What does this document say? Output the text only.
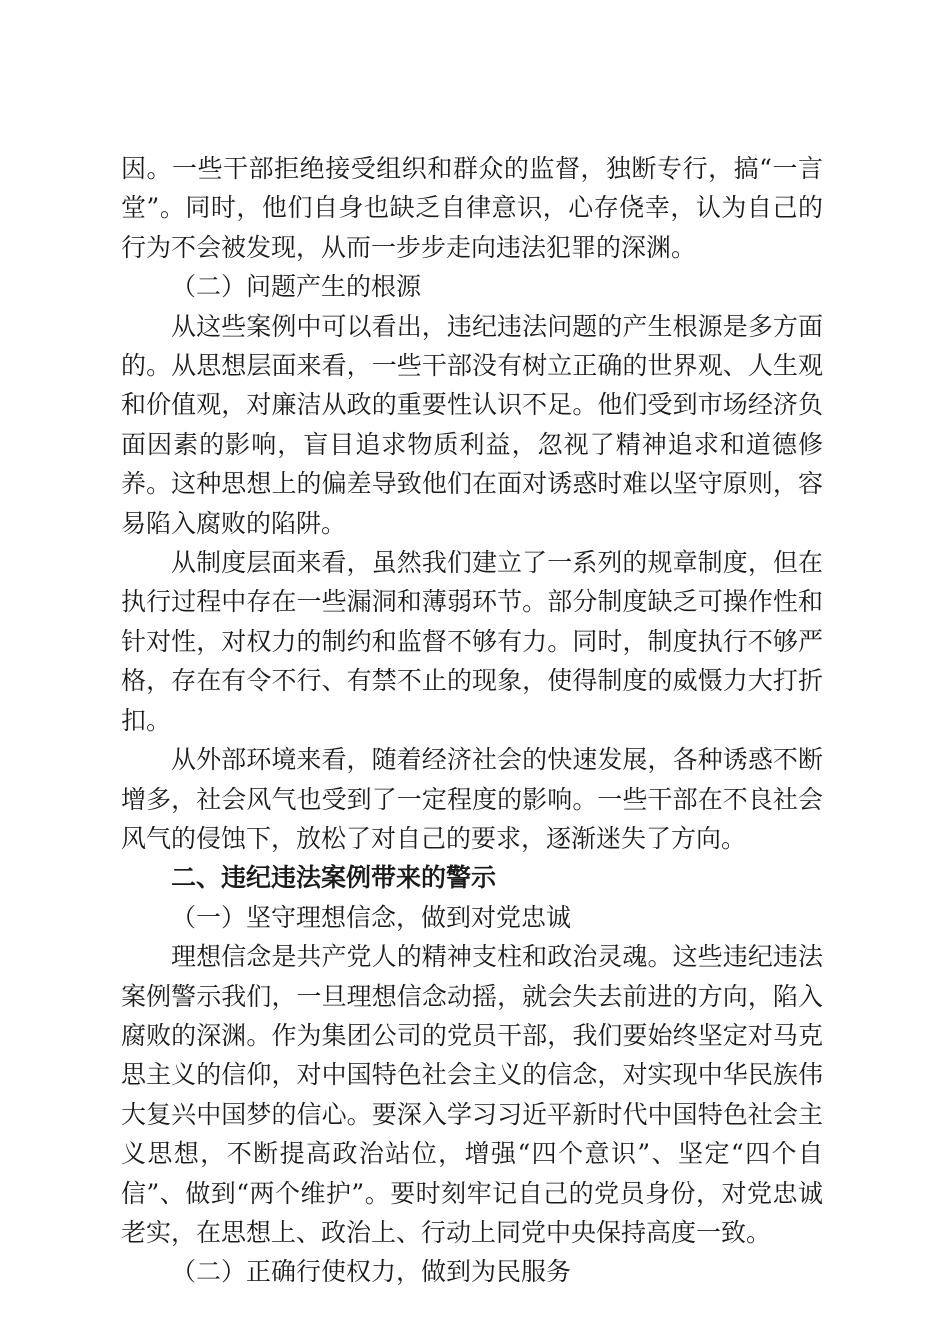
因。一些干部拒绝接受组织和群众的监督，独断专行，搞“一言堂”。同时，他们自身也缺乏自律意识，心存侥幸，认为自己的行为不会被发现，从而一步步走向违法犯罪的深渊。

（二）问题产生的根源

从这些案例中可以看出，违纪违法问题的产生根源是多方面的。从思想层面来看，一些干部没有树立正确的世界观、人生观和价值观，对廉洁从政的重要性认识不足。他们受到市场经济负面因素的影响，盲目追求物质利益，忽视了精神追求和道德修养。这种思想上的偏差导致他们在面对诱惑时难以坚守原则，容易陷入腐败的陷阱。

从制度层面来看，虽然我们建立了一系列的规章制度，但在执行过程中存在一些漏洞和薄弱环节。部分制度缺乏可操作性和针对性，对权力的制约和监督不够有力。同时，制度执行不够严格，存在有令不行、有禁不止的现象，使得制度的威慑力大打折扣。

从外部环境来看，随着经济社会的快速发展，各种诱惑不断增多，社会风气也受到了一定程度的影响。一些干部在不良社会风气的侵蚀下，放松了对自己的要求，逐渐迷失了方向。

二、违纪违法案例带来的警示

（一）坚守理想信念，做到对党忠诚

理想信念是共产党人的精神支柱和政治灵魂。这些违纪违法案例警示我们，一旦理想信念动摇，就会失去前进的方向，陷入腐败的深渊。作为集团公司的党员干部，我们要始终坚定对马克思主义的信仰，对中国特色社会主义的信念，对实现中华民族伟大复兴中国梦的信心。要深入学习习近平新时代中国特色社会主义思想，不断提高政治站位，增强“四个意识”、坚定“四个自信”、做到“两个维护”。要时刻牢记自己的党员身份，对党忠诚老实，在思想上、政治上、行动上同党中央保持高度一致。

（二）正确行使权力，做到为民服务
